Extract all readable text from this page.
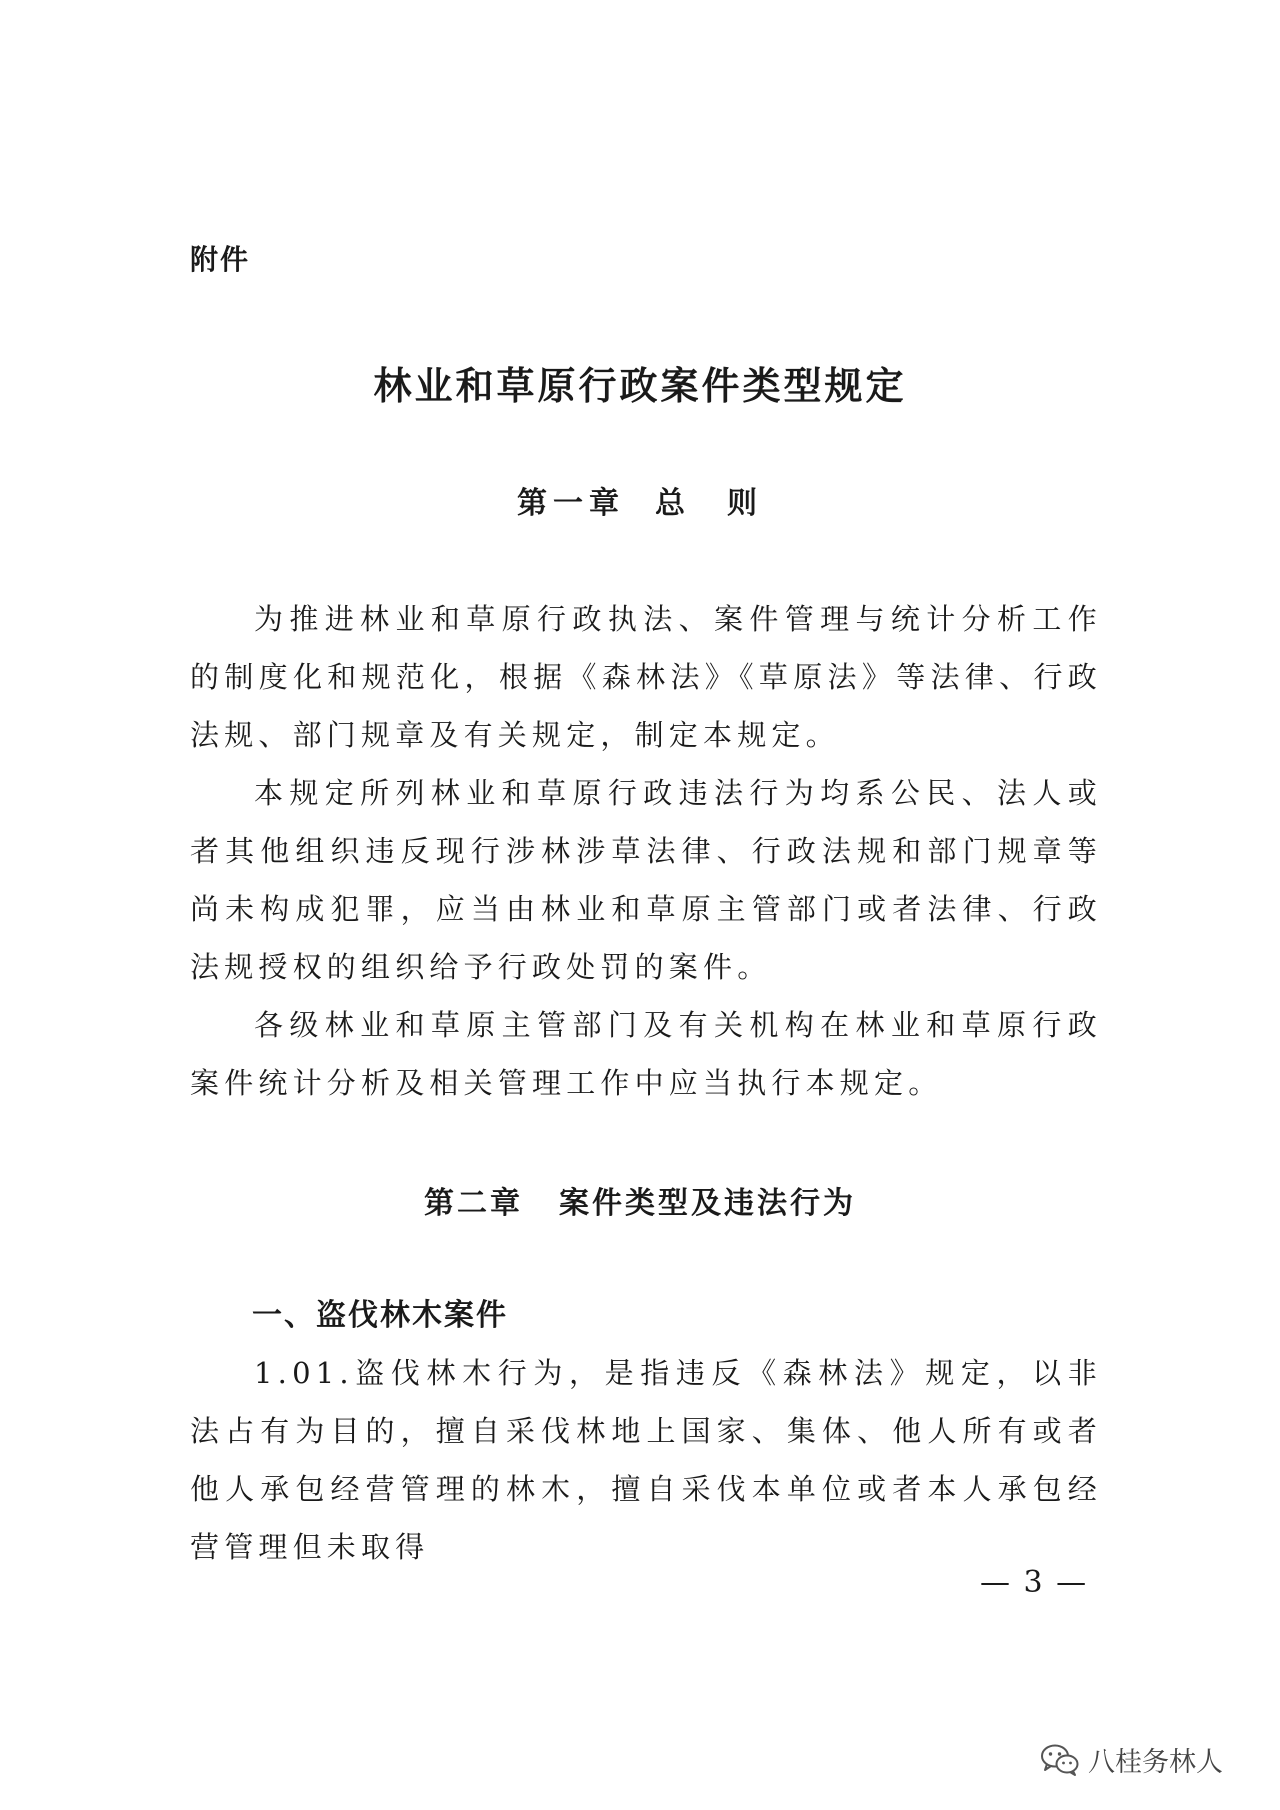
附件
林业和草原行政案件类型规定
第一章 总　则

为推进林业和草原行政执法、案件管理与统计分析工作的制度化和规范化，根据《森林法》《草原法》等法律、行政法规、部门规章及有关规定，制定本规定。

本规定所列林业和草原行政违法行为均系公民、法人或者其他组织违反现行涉林涉草法律、行政法规和部门规章等尚未构成犯罪，应当由林业和草原主管部门或者法律、行政法规授权的组织给予行政处罚的案件。

各级林业和草原主管部门及有关机构在林业和草原行政案件统计分析及相关管理工作中应当执行本规定。

第二章 案件类型及违法行为
一、盗伐林木案件

1.01.盗伐林木行为，是指违反《森林法》规定，以非法占有为目的，擅自采伐林地上国家、集体、他人所有或者他人承包经营管理的林木，擅自采伐本单位或者本人承包经营管理但未取得

— 3 —
八桂务林人
